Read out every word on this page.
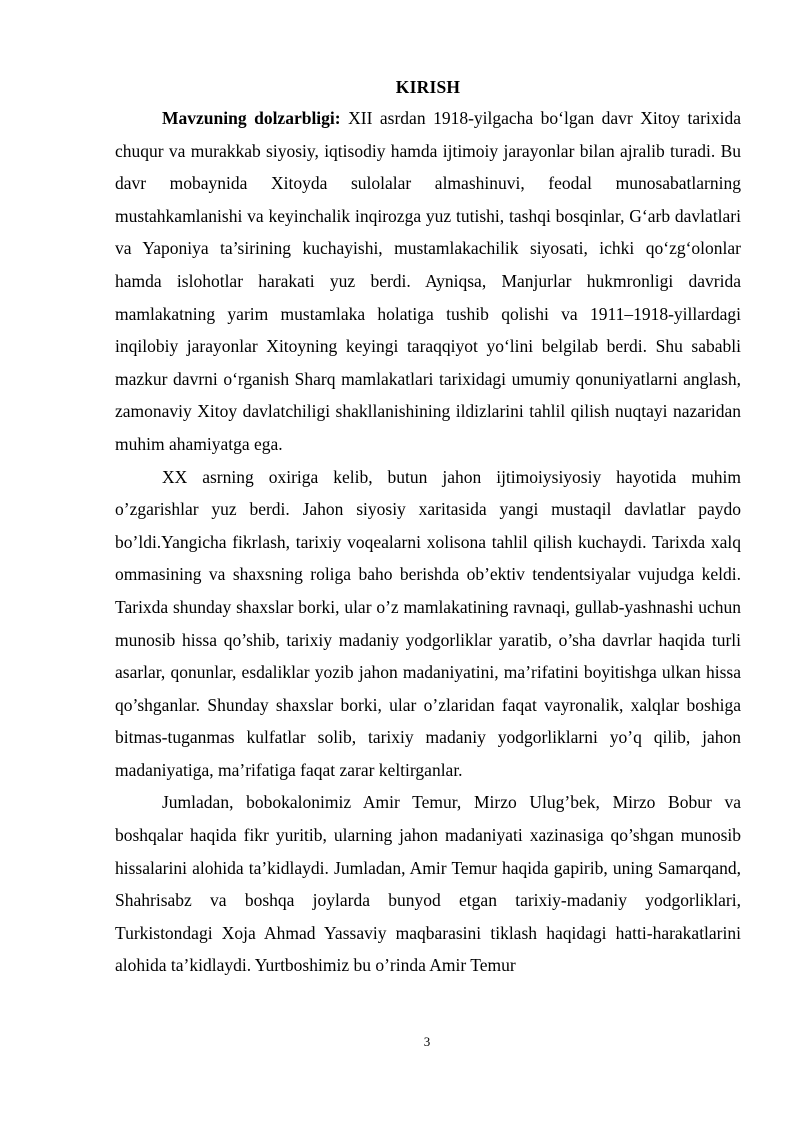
KIRISH

Mavzuning dolzarbligi: XII asrdan 1918-yilgacha bo‘lgan davr Xitoy tarixida chuqur va murakkab siyosiy, iqtisodiy hamda ijtimoiy jarayonlar bilan ajralib turadi. Bu davr mobaynida Xitoyda sulolalar almashinuvi, feodal munosabatlarning mustahkamlanishi va keyinchalik inqirozga yuz tutishi, tashqi bosqinlar, G‘arb davlatlari va Yaponiya ta’sirining kuchayishi, mustamlakachilik siyosati, ichki qo‘zg‘olonlar hamda islohotlar harakati yuz berdi. Ayniqsa, Manjurlar hukmronligi davrida mamlakatning yarim mustamlaka holatiga tushib qolishi va 1911–1918-yillardagi inqilobiy jarayonlar Xitoyning keyingi taraqqiyot yo‘lini belgilab berdi. Shu sababli mazkur davrni o‘rganish Sharq mamlakatlari tarixidagi umumiy qonuniyatlarni anglash, zamonaviy Xitoy davlatchiligi shakllanishining ildizlarini tahlil qilish nuqtayi nazaridan muhim ahamiyatga ega.

XX asrning oxiriga kelib, butun jahon ijtimoiysiyosiy hayotida muhim o’zgarishlar yuz berdi. Jahon siyosiy xaritasida yangi mustaqil davlatlar paydo bo’ldi.Yangicha fikrlash, tarixiy voqealarni xolisona tahlil qilish kuchaydi. Tarixda xalq ommasining va shaxsning roliga baho berishda ob’ektiv tendentsiyalar vujudga keldi. Tarixda shunday shaxslar borki, ular o’z mamlakatining ravnaqi, gullab-yashnashi uchun munosib hissa qo’shib, tarixiy madaniy yodgorliklar yaratib, o’sha davrlar haqida turli asarlar, qonunlar, esdaliklar yozib jahon madaniyatini, ma’rifatini boyitishga ulkan hissa qo’shganlar. Shunday shaxslar borki, ular o’zlaridan faqat vayronalik, xalqlar boshiga bitmas-tuganmas kulfatlar solib, tarixiy madaniy yodgorliklarni yo’q qilib, jahon madaniyatiga, ma’rifatiga faqat zarar keltirganlar.

Jumladan, bobokalonimiz Amir Temur, Mirzo Ulug’bek, Mirzo Bobur va boshqalar haqida fikr yuritib, ularning jahon madaniyati xazinasiga qo’shgan munosib hissalarini alohida ta’kidlaydi. Jumladan, Amir Temur haqida gapirib, uning Samarqand, Shahrisabz va boshqa joylarda bunyod etgan tarixiy-madaniy yodgorliklari, Turkistondagi Xoja Ahmad Yassaviy maqbarasini tiklash haqidagi hatti-harakatlarini alohida ta’kidlaydi. Yurtboshimiz bu o’rinda Amir Temur

3
